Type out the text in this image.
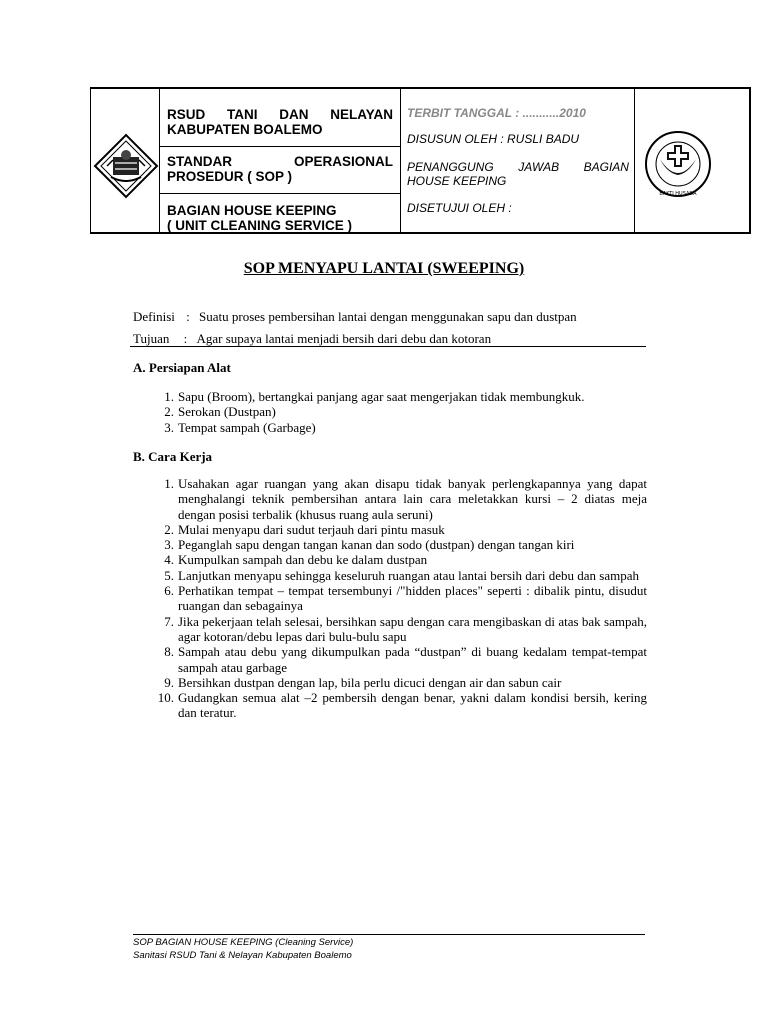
RSUD TANI DAN NELAYAN
KABUPATEN BOALEMO
STANDAR	OPERASIONAL
PROSEDUR ( SOP )
BAGIAN HOUSE KEEPING
( UNIT CLEANING SERVICE )
TERBIT TANGGAL : ...........2010
DISUSUN OLEH : RUSLI BADU
PENANGGUNG JAWAB BAGIAN
HOUSE KEEPING
DISETUJUI OLEH :
BAKTI HUSADA
SOP MENYAPU LANTAI (SWEEPING)
Definisi : Suatu proses pembersihan lantai dengan menggunakan sapu dan dustpan
Tujuan : Agar supaya lantai menjadi bersih dari debu dan kotoran
A. Persiapan Alat
1. Sapu (Broom), bertangkai panjang agar saat mengerjakan tidak membungkuk.
2. Serokan (Dustpan)
3. Tempat sampah (Garbage)
B. Cara Kerja
1. Usahakan agar ruangan yang akan disapu tidak banyak perlengkapannya yang dapat menghalangi teknik pembersihan antara lain cara meletakkan kursi – 2 diatas meja dengan posisi terbalik (khusus ruang aula seruni)
2. Mulai menyapu dari sudut terjauh dari pintu masuk
3. Peganglah sapu dengan tangan kanan dan sodo (dustpan) dengan tangan kiri
4. Kumpulkan sampah dan debu ke dalam dustpan
5. Lanjutkan menyapu sehingga keseluruh ruangan atau lantai bersih dari debu dan sampah
6. Perhatikan tempat – tempat tersembunyi /"hidden places" seperti : dibalik pintu, disudut ruangan dan sebagainya
7. Jika pekerjaan telah selesai, bersihkan sapu dengan cara mengibaskan di atas bak sampah, agar kotoran/debu lepas dari bulu-bulu sapu
8. Sampah atau debu yang dikumpulkan pada “dustpan” di buang kedalam tempat-tempat sampah atau garbage
9. Bersihkan dustpan dengan lap, bila perlu dicuci dengan air dan sabun cair
10. Gudangkan semua alat –2 pembersih dengan benar, yakni dalam kondisi bersih, kering dan teratur.
SOP BAGIAN HOUSE KEEPING (Cleaning Service)
Sanitasi RSUD Tani & Nelayan Kabupaten Boalemo
